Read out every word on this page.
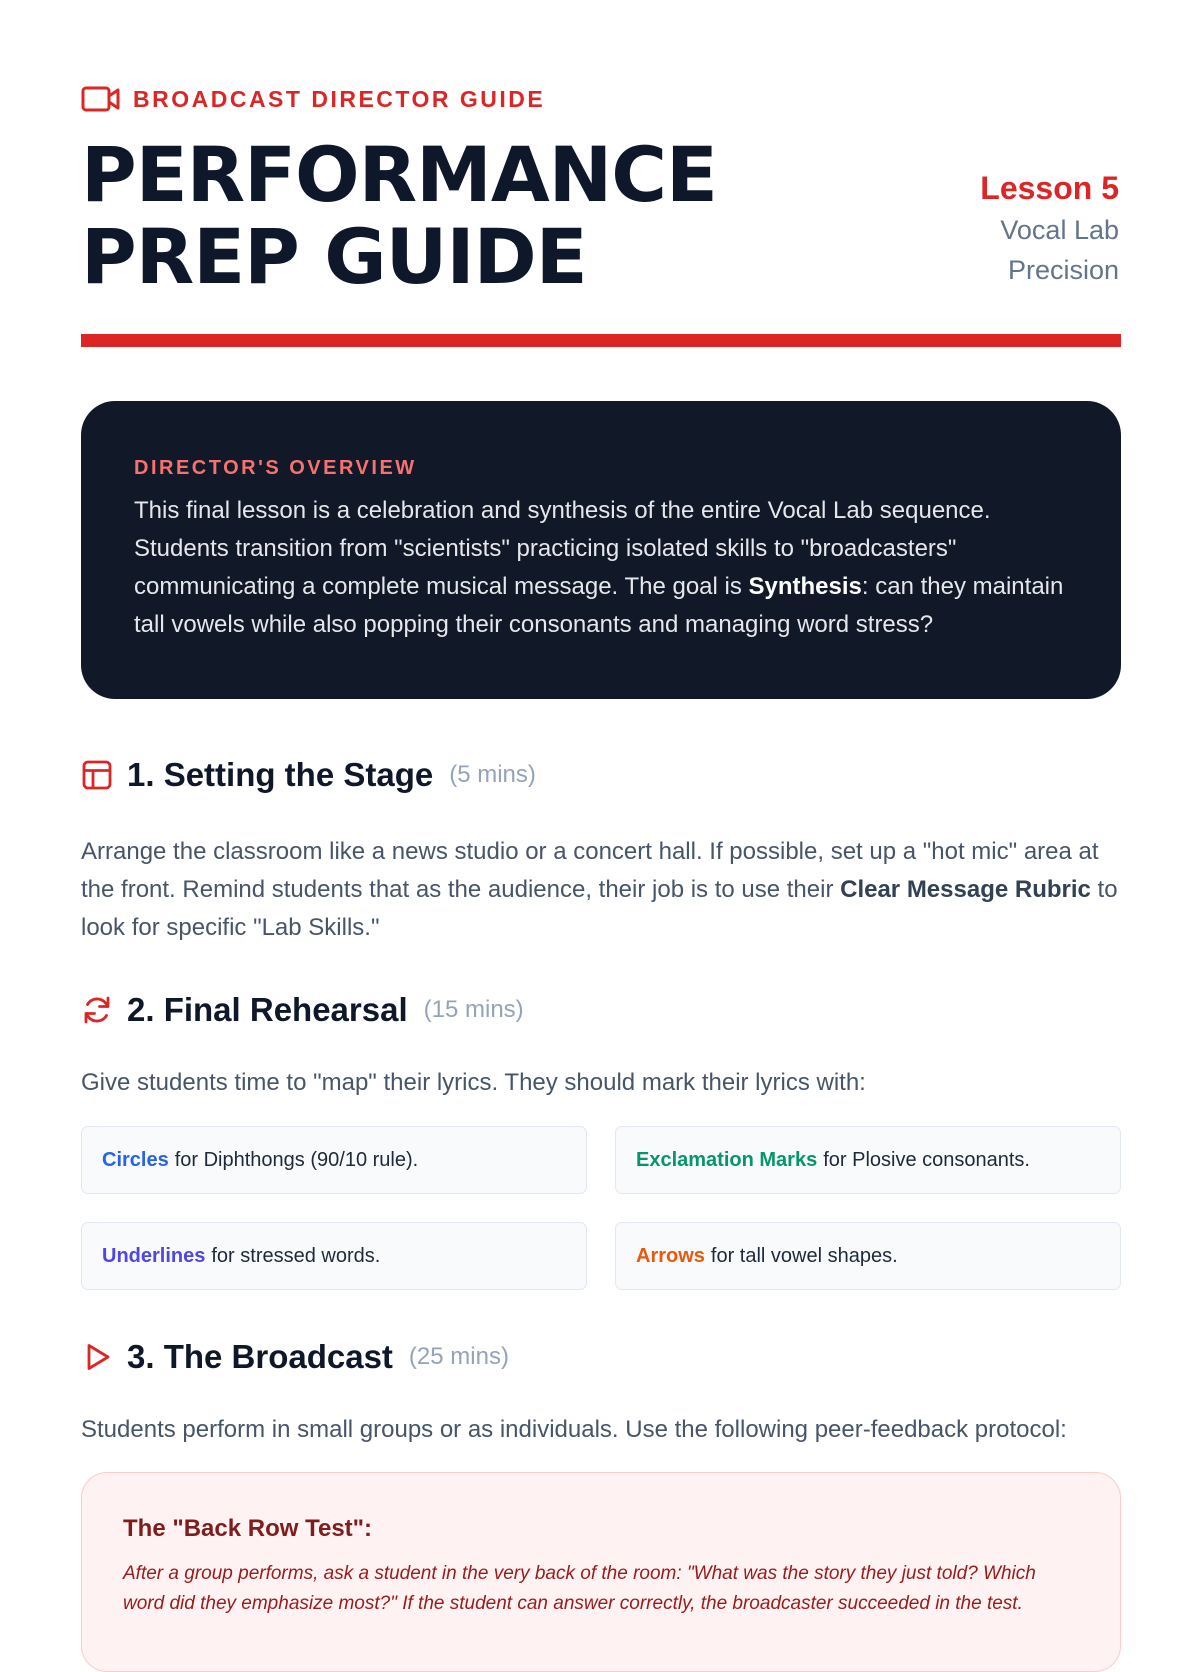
BROADCAST DIRECTOR GUIDE
PERFORMANCE
PREP GUIDE
Lesson 5
Vocal Lab
Precision
DIRECTOR'S OVERVIEW

This final lesson is a celebration and synthesis of the entire Vocal Lab sequence. Students transition from "scientists" practicing isolated skills to "broadcasters" communicating a complete musical message. The goal is Synthesis: can they maintain tall vowels while also popping their consonants and managing word stress?

1. Setting the Stage (5 mins)

Arrange the classroom like a news studio or a concert hall. If possible, set up a "hot mic" area at the front. Remind students that as the audience, their job is to use their Clear Message Rubric to look for specific "Lab Skills."

2. Final Rehearsal (15 mins)

Give students time to "map" their lyrics. They should mark their lyrics with:

Circles for Diphthongs (90/10 rule).	Exclamation Marks for Plosive consonants.
Underlines for stressed words.	Arrows for tall vowel shapes.
3. The Broadcast (25 mins)

Students perform in small groups or as individuals. Use the following peer-feedback protocol:

The "Back Row Test":

After a group performs, ask a student in the very back of the room: "What was the story they just told? Which word did they emphasize most?" If the student can answer correctly, the broadcaster succeeded in the test.
